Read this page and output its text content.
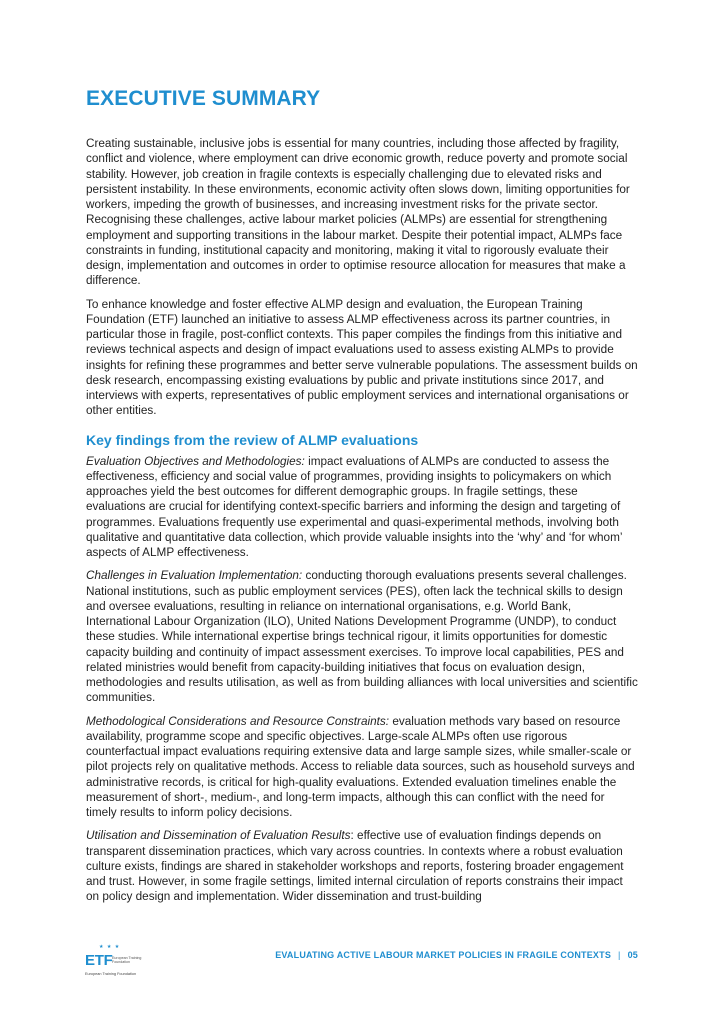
EXECUTIVE SUMMARY

Creating sustainable, inclusive jobs is essential for many countries, including those affected by fragility, conflict and violence, where employment can drive economic growth, reduce poverty and promote social stability. However, job creation in fragile contexts is especially challenging due to elevated risks and persistent instability. In these environments, economic activity often slows down, limiting opportunities for workers, impeding the growth of businesses, and increasing investment risks for the private sector. Recognising these challenges, active labour market policies (ALMPs) are essential for strengthening employment and supporting transitions in the labour market. Despite their potential impact, ALMPs face constraints in funding, institutional capacity and monitoring, making it vital to rigorously evaluate their design, implementation and outcomes in order to optimise resource allocation for measures that make a difference.

To enhance knowledge and foster effective ALMP design and evaluation, the European Training Foundation (ETF) launched an initiative to assess ALMP effectiveness across its partner countries, in particular those in fragile, post-conflict contexts. This paper compiles the findings from this initiative and reviews technical aspects and design of impact evaluations used to assess existing ALMPs to provide insights for refining these programmes and better serve vulnerable populations. The assessment builds on desk research, encompassing existing evaluations by public and private institutions since 2017, and interviews with experts, representatives of public employment services and international organisations or other entities.

Key findings from the review of ALMP evaluations

Evaluation Objectives and Methodologies: impact evaluations of ALMPs are conducted to assess the effectiveness, efficiency and social value of programmes, providing insights to policymakers on which approaches yield the best outcomes for different demographic groups. In fragile settings, these evaluations are crucial for identifying context-specific barriers and informing the design and targeting of programmes. Evaluations frequently use experimental and quasi-experimental methods, involving both qualitative and quantitative data collection, which provide valuable insights into the ‘why’ and ‘for whom’ aspects of ALMP effectiveness.

Challenges in Evaluation Implementation: conducting thorough evaluations presents several challenges. National institutions, such as public employment services (PES), often lack the technical skills to design and oversee evaluations, resulting in reliance on international organisations, e.g. World Bank, International Labour Organization (ILO), United Nations Development Programme (UNDP), to conduct these studies. While international expertise brings technical rigour, it limits opportunities for domestic capacity building and continuity of impact assessment exercises. To improve local capabilities, PES and related ministries would benefit from capacity-building initiatives that focus on evaluation design, methodologies and results utilisation, as well as from building alliances with local universities and scientific communities.

Methodological Considerations and Resource Constraints: evaluation methods vary based on resource availability, programme scope and specific objectives. Large-scale ALMPs often use rigorous counterfactual impact evaluations requiring extensive data and large sample sizes, while smaller-scale or pilot projects rely on qualitative methods. Access to reliable data sources, such as household surveys and administrative records, is critical for high-quality evaluations. Extended evaluation timelines enable the measurement of short-, medium-, and long-term impacts, although this can conflict with the need for timely results to inform policy decisions.

Utilisation and Dissemination of Evaluation Results: effective use of evaluation findings depends on transparent dissemination practices, which vary across countries. In contexts where a robust evaluation culture exists, findings are shared in stakeholder workshops and reports, fostering broader engagement and trust. However, in some fragile settings, limited internal circulation of reports constrains their impact on policy design and implementation. Wider dissemination and trust-building

★ ★ ★
ETF European Training Foundation
European Training Foundation
EVALUATING ACTIVE LABOUR MARKET POLICIES IN FRAGILE CONTEXTS | 05
